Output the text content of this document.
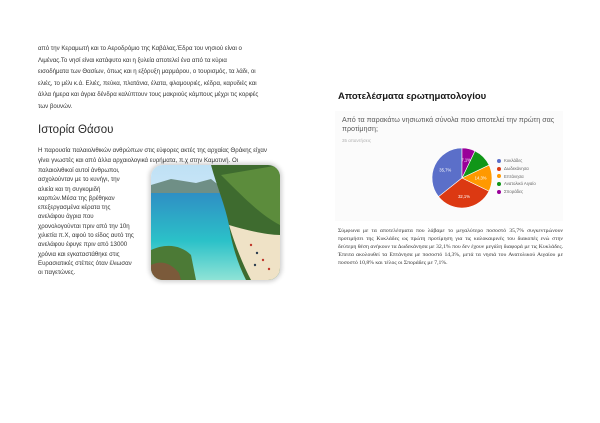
από την Κεραμωτή και το Αεροδρόμιο της Καβάλας.Έδρα του νησιού είναι ο
Λιμένας.Το νησί είναι κατάφυτο και η ξυλεία αποτελεί ένα από τα κύρια
εισοδήματα των Θασίων, όπως και η εξόρυξη μαρμάρου, ο τουρισμός, τα λάδι, οι
ελιές, το μέλι κ.ά. Ελιές, πεύκα, πλατάνια, έλατα, φλαμουριές, κέδρα, καρυδιές και
άλλα ήμερα και άγρια δένδρα καλύπτουν τους μακριούς κάμπους μέχρι τις κορφές
των βουνών.
Ιστορία Θάσου
Η παρουσία παλαιολιθικών ανθρώπων στις εύφορες ακτές της αρχαίας Θράκης είχαν γίνει γνωστές και από άλλα αρχαιολογικά ευρήματα, π.χ στην Καμοτινή. Οι
παλαιολιθικοί αυτοί άνθρωποι,
ασχολούνταν με το κυνήγι, την
αλιεία και τη συγκομιδή
καρπών.Μέσα της βρέθηκαν
επεξεργασμένα κέρατα της
ανελάφου άγρια που
χρονολογούνται πριν από την 10η
χιλιετία π.Χ, αφού το είδος αυτό της
ανελάφου έφυγε πριν από 13000
χρόνια και εγκαταστάθηκε στις
Ευρασιατικές στέπες όταν έλιωσαν
οι παγετώνες.
Αποτελέσματα ερωτηματολογίου
Από τα παρακάτω νησιωτικά σύνολα ποιο αποτελεί την πρώτη σας προτίμηση;
35 απαντήσεις
35,7%
32,1%
14,3%
7,1%	Κυκλάδες
Δωδεκάνησα
Επτάνησα
Ανατολικό Αιγαίο
Σποράδες

Σύμφωνα με τα αποτελέσματα που λάβαμε το μεγαλύτερο ποσοστό 35,7% συγκεντρώνουν προτιμήσει της Κυκλάδες ως πρώτη προτίμηση για τις καλοκαιρινές του διακοπές ενώ στην δεύτερη θέση ανήκουν τα Δωδεκάνησα με 32,1% που δεν έχουν μεγάλη διαφορά με τις Κυκλάδες. Έπειτα ακολουθεί τα Επτάνησα με ποσοστό 14,3%, μετά τα νησιά του Ανατολικού Αιγαίου με ποσοστό 10,8% και τέλος οι Σποράδες με 7,1%.
